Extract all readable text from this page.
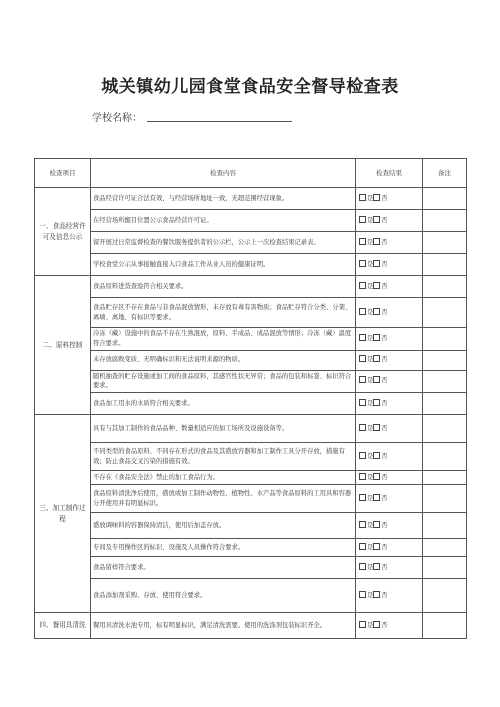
城关镇幼儿园食堂食品安全督导检查表
学校名称：
检查项目	检查内容	检查结果	备注
一、食品经营许可及信息公示	食品经营许可证合法有效、与经营场所地址一致，无超范围经营现象。	是 否	
	在经营场所醒目位置公示食品经营许可证。	是 否	
	留开展过日常监督检查的餐饮服务提供者的公示栏，公示上一次检查结果记录表。	是 否	
	学校食堂公示从事接触直接入口食品工作从业人员的健康证明。	是 否	
二、原料控制	食品原料进货查验符合相关要求。	是 否	
	食品贮存区不存在食品与非食品混放情形，未存放有毒有害物质；食品贮存符合分类、分架、离墙、离地、有标识等要求。	是 否	
	冷冻（藏）设施中的食品不存在生熟混放，原料、半成品、成品混放等情形；冷冻（藏）温度符合要求。	是 否	
	未存放腐败变质、无明确标识和无法说明来源的物质。	是 否	
	随机抽查的贮存设施或加工间的食品原料，其感官性状无异常；食品的包装和标签、标识符合要求。	是 否	
	食品加工用水的水质符合相关要求。	是 否	
三、加工制作过程	具有与其加工制作的食品品种、数量相适应的加工场所及设施设备等。	是 否	
	不同类型的食品原料、不同存在形式的食品及其盛放容器和加工制作工具分开存放，措施有效；防止食品交叉污染的措施有效。	是 否	
	不存在《食品安全法》禁止的加工食品行为。	是 否	
	食品原料清洗净后使用，盛放或加工制作动物性、植物性、水产品等食品原料的工用具和容器分开使用并有明显标识。	是 否	
	盛放调味料的容器保持清洁，使用后加盖存放。	是 否	
	专间及专用操作区的标识、设施及人员操作符合要求。	是 否	
	食品留样符合要求。	是 否	
	食品添加剂采购、存放、使用符合要求。	是 否	
四、餐用具清洗	餐用具清洗水池专用，标有明显标识，满足清洗需要。使用的洗涤剂包装标识齐全。	是 否	
